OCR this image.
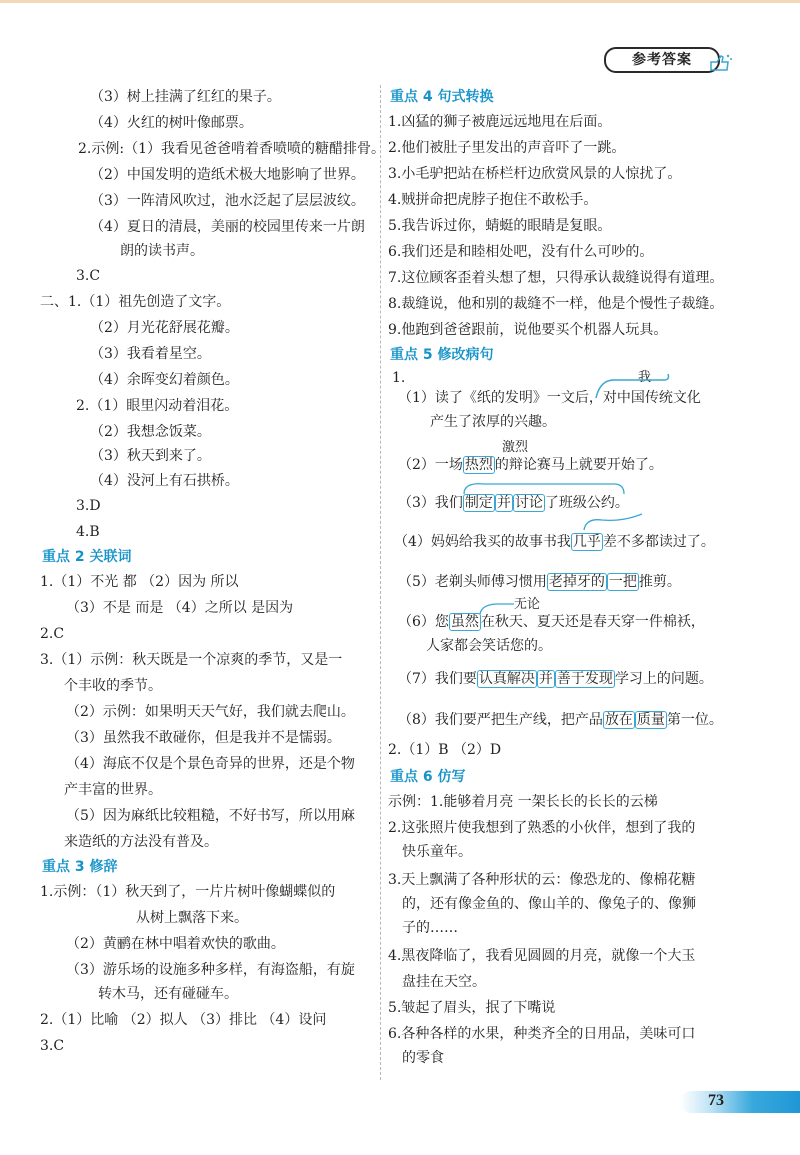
参考答案
（3）树上挂满了红红的果子。
（4）火红的树叶像邮票。
2.示例:（1）我看见爸爸啃着香喷喷的糖醋排骨。
（2）中国发明的造纸术极大地影响了世界。
（3）一阵清风吹过，池水泛起了层层波纹。
（4）夏日的清晨，美丽的校园里传来一片朗
朗的读书声。
3.C
二、1.（1）祖先创造了文字。
（2）月光花舒展花瓣。
（3）我看着星空。
（4）余晖变幻着颜色。
2.（1）眼里闪动着泪花。
（2）我想念饭菜。
（3）秋天到来了。
（4）没河上有石拱桥。
3.D
4.B
重点 2 关联词
1.（1）不光 都 （2）因为 所以
（3）不是 而是 （4）之所以 是因为
2.C
3.（1）示例：秋天既是一个凉爽的季节，又是一
个丰收的季节。
（2）示例：如果明天天气好，我们就去爬山。
（3）虽然我不敢碰你，但是我并不是懦弱。
（4）海底不仅是个景色奇异的世界，还是个物
产丰富的世界。
（5）因为麻纸比较粗糙，不好书写，所以用麻
来造纸的方法没有普及。
重点 3 修辞
1.示例：（1）秋天到了，一片片树叶像蝴蝶似的
从树上飘落下来。
（2）黄鹂在林中唱着欢快的歌曲。
（3）游乐场的设施多种多样，有海盗船，有旋
转木马，还有碰碰车。
2.（1）比喻 （2）拟人 （3）排比 （4）设问
3.C
重点 4 句式转换
1.凶猛的狮子被鹿远远地甩在后面。
2.他们被肚子里发出的声音吓了一跳。
3.小毛驴把站在桥栏杆边欣赏风景的人惊扰了。
4.贼拼命把虎脖子抱住不敢松手。
5.我告诉过你，蜻蜓的眼睛是复眼。
6.我们还是和睦相处吧，没有什么可吵的。
7.这位顾客歪着头想了想，只得承认裁缝说得有道理。
8.裁缝说，他和别的裁缝不一样，他是个慢性子裁缝。
9.他跑到爸爸跟前，说他要买个机器人玩具。
重点 5 修改病句
1.	我
（1）读了《纸的发明》一文后，对中国传统文化
产生了浓厚的兴趣。
激烈
（2）一场 热烈 的辩论赛马上就要开始了。
（3）我们 制定 并 讨论 了班级公约。
（4）妈妈给我买的故事书我 几乎 差不多都读过了。
（5）老剃头师傅习惯用 老掉牙的 一把 推剪。
无论
（6）您 虽然 在秋天、夏天还是春天穿一件棉袄，
人家都会笑话您的。
（7）我们要 认真解决 并 善于发现 学习上的问题。
（8）我们要严把生产线，把产品 放在 质量 第一位。
2.（1）B （2）D
重点 6 仿写
示例：1.能够着月亮 一架长长的长长的云梯
2.这张照片使我想到了熟悉的小伙伴，想到了我的
快乐童年。
3.天上飘满了各种形状的云：像恐龙的、像棉花糖
的，还有像金鱼的、像山羊的、像兔子的、像狮
子的……
4.黑夜降临了，我看见圆圆的月亮，就像一个大玉
盘挂在天空。
5.皱起了眉头，抿了下嘴说
6.各种各样的水果，种类齐全的日用品，美味可口
的零食
73
